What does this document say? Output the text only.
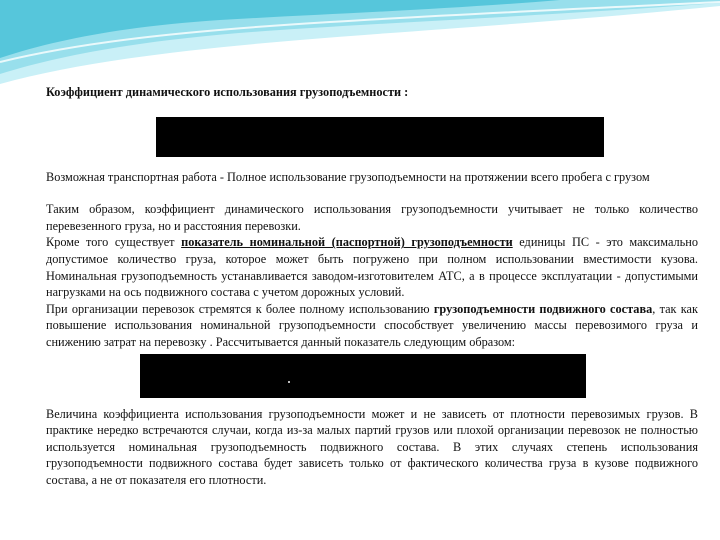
Коэффициент динамического использования грузоподъемности :

Возможная транспортная работа - Полное использование грузоподъемности на протяжении всего пробега с грузом

Таким образом, коэффициент динамического использования грузоподъемности учитывает не только количество перевезенного груза, но и расстояния перевозки.

Кроме того существует показатель номинальной (паспортной) грузоподъемности единицы ПС - это максимально допустимое количество груза, которое может быть погружено при полном использовании вместимости кузова. Номинальная грузоподъемность устанавливается заводом-изготовителем АТС, а в процессе эксплуатации - допустимыми нагрузками на ось подвижного состава с учетом дорожных условий.

При организации перевозок стремятся к более полному использованию грузоподъемности подвижного состава, так как повышение использования номинальной грузоподъемности способствует увеличению массы перевозимого груза и снижению затрат на перевозку . Рассчитывается данный показатель следующим образом:

Величина коэффициента использования грузоподъемности может и не зависеть от плотности перевозимых грузов. В практике нередко встречаются случаи, когда из-за малых партий грузов или плохой организации перевозок не полностью используется номинальная грузоподъемность подвижного состава. В этих случаях степень использования грузоподъемности подвижного состава будет зависеть только от фактического количества груза в кузове подвижного состава, а не от показателя его плотности.
